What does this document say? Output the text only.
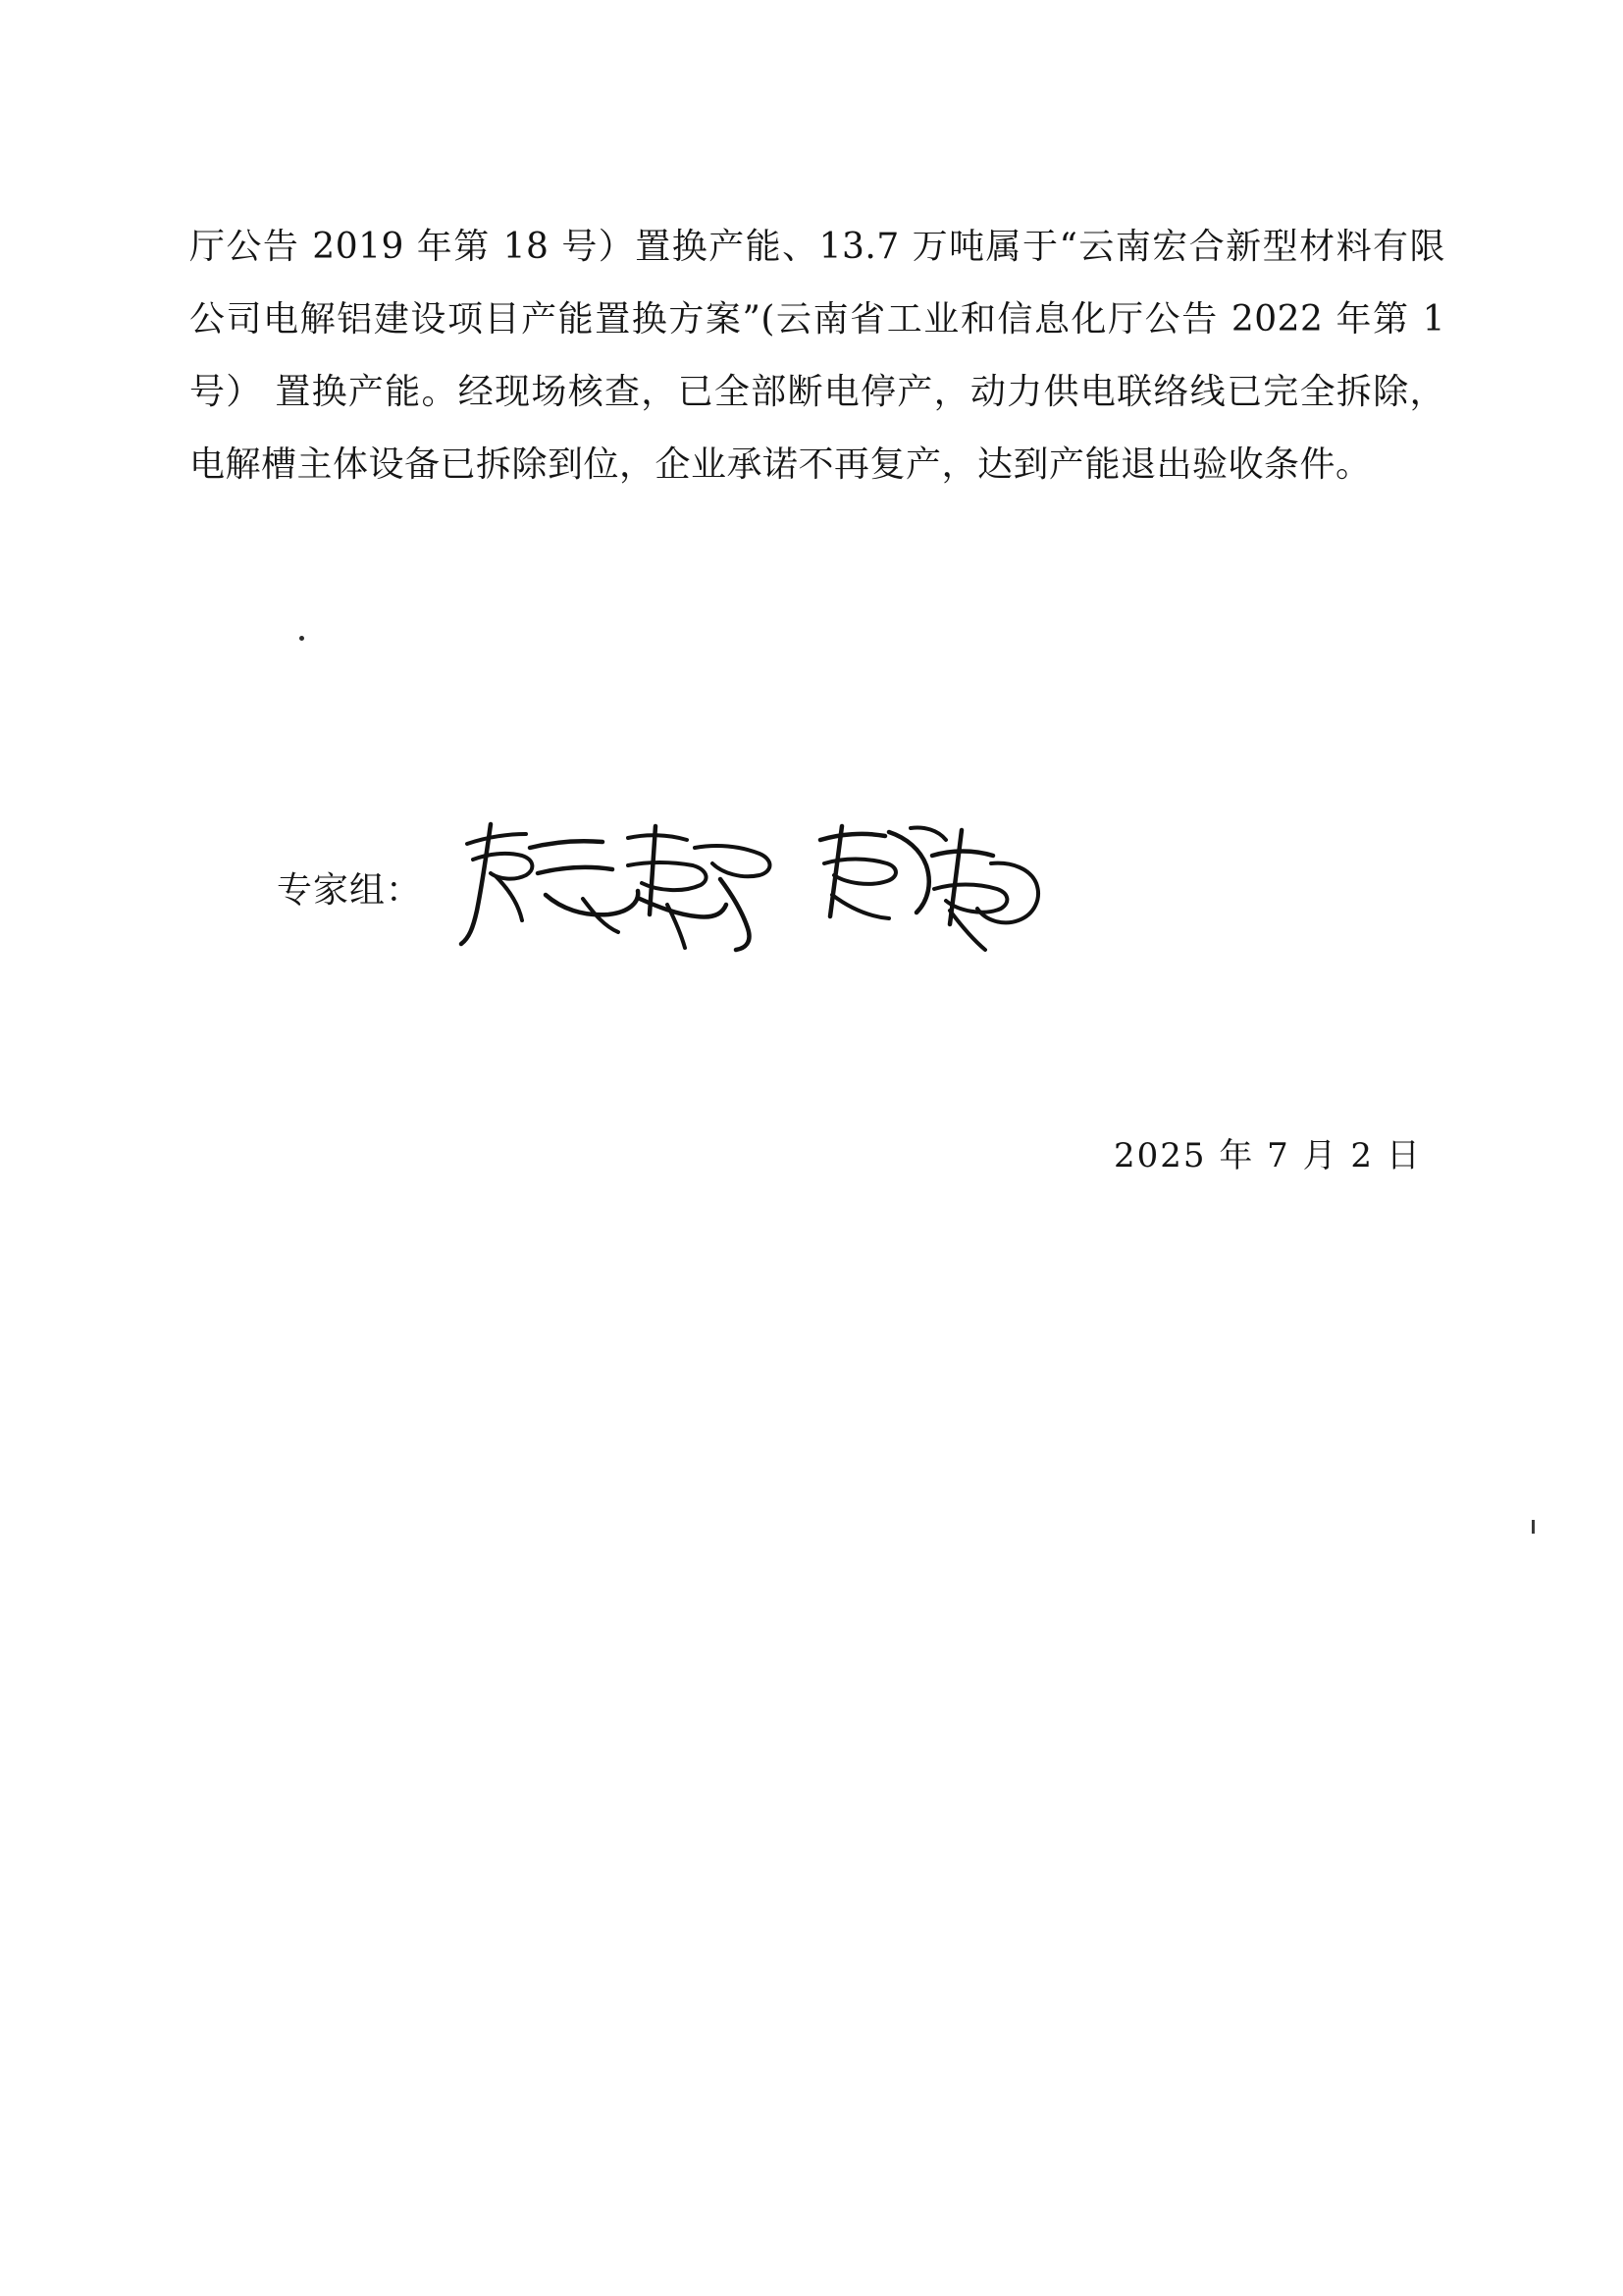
厅公告 2019 年第 18 号）置换产能、13.7 万吨属于“云南宏合新型材料有限公司电解铝建设项目产能置换方案”(云南省工业和信息化厅公告 2022 年第 1 号） 置换产能。经现场核查，已全部断电停产，动力供电联络线已完全拆除，电解槽主体设备已拆除到位，企业承诺不再复产，达到产能退出验收条件。

专家组：
2025 年 7 月 2 日
